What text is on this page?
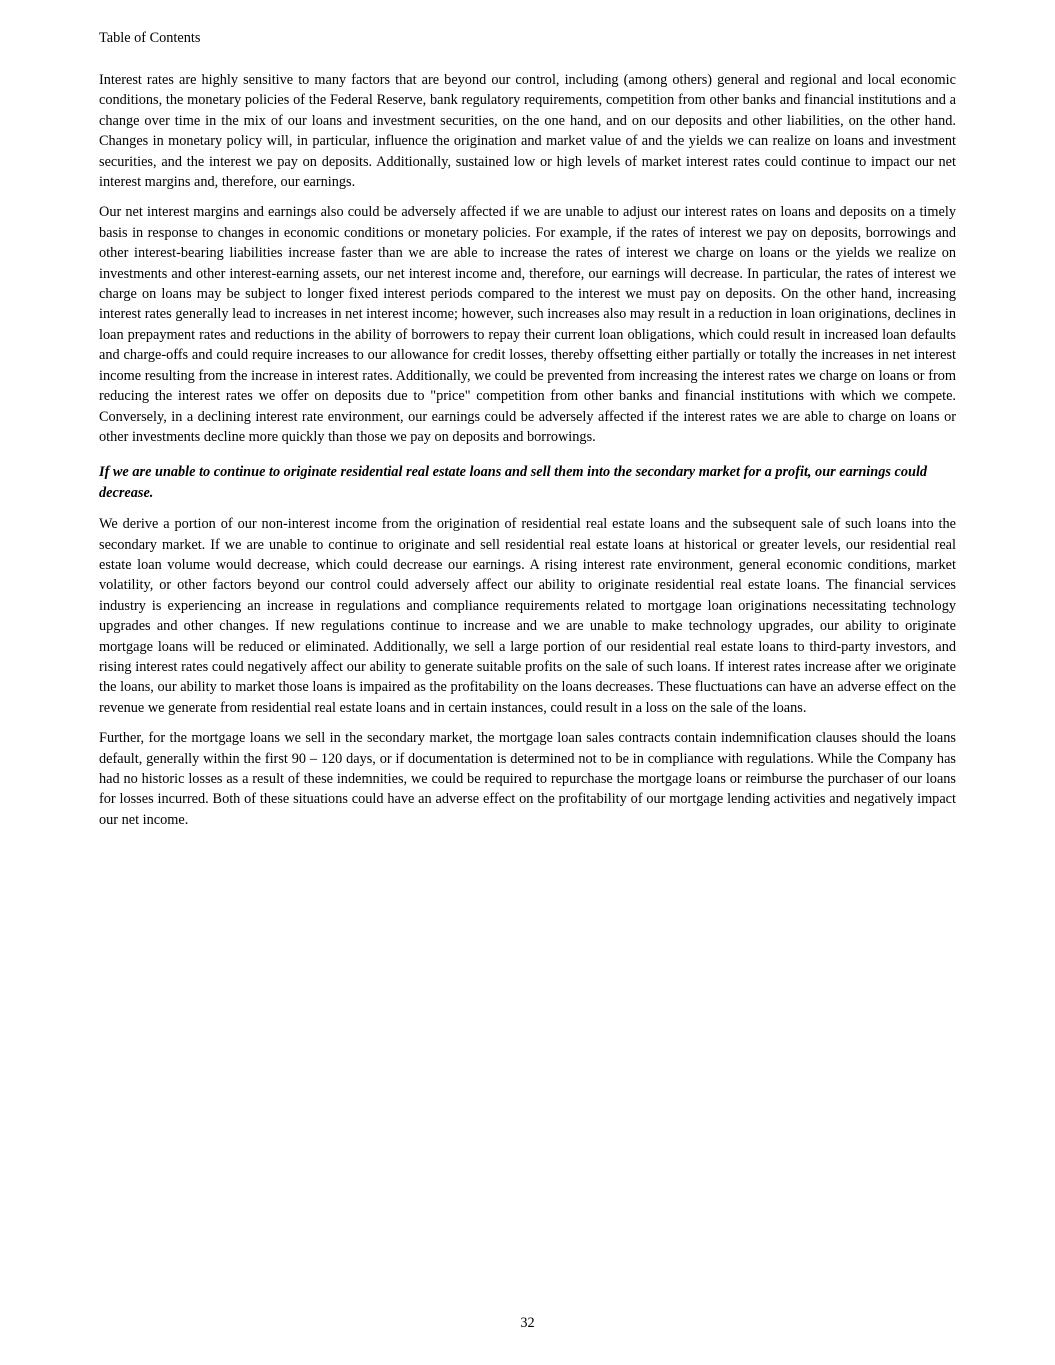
Table of Contents

Interest rates are highly sensitive to many factors that are beyond our control, including (among others) general and regional and local economic conditions, the monetary policies of the Federal Reserve, bank regulatory requirements, competition from other banks and financial institutions and a change over time in the mix of our loans and investment securities, on the one hand, and on our deposits and other liabilities, on the other hand. Changes in monetary policy will, in particular, influence the origination and market value of and the yields we can realize on loans and investment securities, and the interest we pay on deposits. Additionally, sustained low or high levels of market interest rates could continue to impact our net interest margins and, therefore, our earnings.

Our net interest margins and earnings also could be adversely affected if we are unable to adjust our interest rates on loans and deposits on a timely basis in response to changes in economic conditions or monetary policies. For example, if the rates of interest we pay on deposits, borrowings and other interest-bearing liabilities increase faster than we are able to increase the rates of interest we charge on loans or the yields we realize on investments and other interest-earning assets, our net interest income and, therefore, our earnings will decrease. In particular, the rates of interest we charge on loans may be subject to longer fixed interest periods compared to the interest we must pay on deposits. On the other hand, increasing interest rates generally lead to increases in net interest income; however, such increases also may result in a reduction in loan originations, declines in loan prepayment rates and reductions in the ability of borrowers to repay their current loan obligations, which could result in increased loan defaults and charge-offs and could require increases to our allowance for credit losses, thereby offsetting either partially or totally the increases in net interest income resulting from the increase in interest rates. Additionally, we could be prevented from increasing the interest rates we charge on loans or from reducing the interest rates we offer on deposits due to "price" competition from other banks and financial institutions with which we compete. Conversely, in a declining interest rate environment, our earnings could be adversely affected if the interest rates we are able to charge on loans or other investments decline more quickly than those we pay on deposits and borrowings.

If we are unable to continue to originate residential real estate loans and sell them into the secondary market for a profit, our earnings could decrease.

We derive a portion of our non-interest income from the origination of residential real estate loans and the subsequent sale of such loans into the secondary market. If we are unable to continue to originate and sell residential real estate loans at historical or greater levels, our residential real estate loan volume would decrease, which could decrease our earnings. A rising interest rate environment, general economic conditions, market volatility, or other factors beyond our control could adversely affect our ability to originate residential real estate loans. The financial services industry is experiencing an increase in regulations and compliance requirements related to mortgage loan originations necessitating technology upgrades and other changes. If new regulations continue to increase and we are unable to make technology upgrades, our ability to originate mortgage loans will be reduced or eliminated. Additionally, we sell a large portion of our residential real estate loans to third-party investors, and rising interest rates could negatively affect our ability to generate suitable profits on the sale of such loans. If interest rates increase after we originate the loans, our ability to market those loans is impaired as the profitability on the loans decreases. These fluctuations can have an adverse effect on the revenue we generate from residential real estate loans and in certain instances, could result in a loss on the sale of the loans.

Further, for the mortgage loans we sell in the secondary market, the mortgage loan sales contracts contain indemnification clauses should the loans default, generally within the first 90 – 120 days, or if documentation is determined not to be in compliance with regulations. While the Company has had no historic losses as a result of these indemnities, we could be required to repurchase the mortgage loans or reimburse the purchaser of our loans for losses incurred. Both of these situations could have an adverse effect on the profitability of our mortgage lending activities and negatively impact our net income.

32
